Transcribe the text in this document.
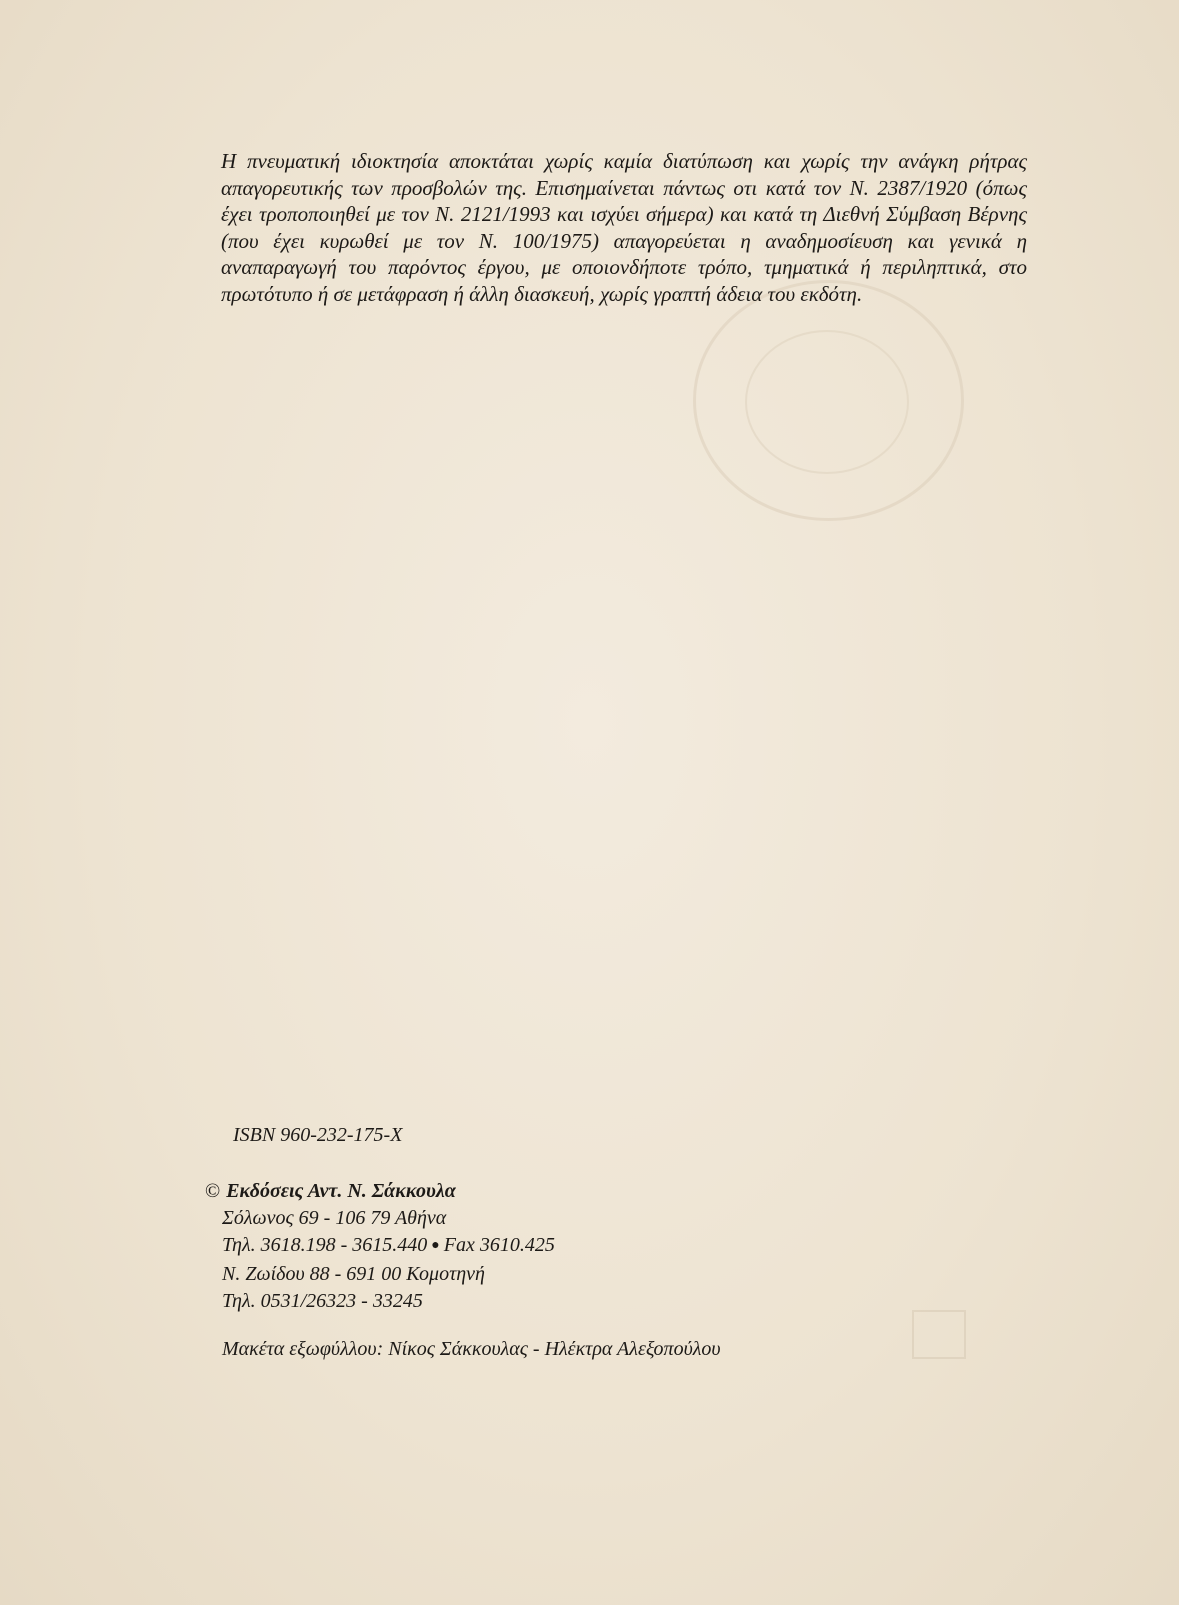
Η πνευματική ιδιοκτησία αποκτάται χωρίς καμία διατύπωση και χωρίς την ανάγκη ρήτρας απαγορευτικής των προσβολών της. Επισημαίνεται πάντως οτι κατά τον Ν. 2387/1920 (όπως έχει τροποποιηθεί με τον Ν. 2121/1993 και ισχύει σήμερα) και κατά τη Διεθνή Σύμβαση Βέρνης (που έχει κυρωθεί με τον Ν. 100/1975) απαγορεύεται η αναδημοσίευση και γενικά η αναπαραγωγή του παρόντος έργου, με οποιονδήποτε τρόπο, τμηματικά ή περιληπτικά, στο πρωτότυπο ή σε μετάφραση ή άλλη διασκευή, χωρίς γραπτή άδεια του εκδότη.

ISBN 960-232-175-X

© Εκδόσεις Αντ. Ν. Σάκκουλα
Σόλωνος 69 - 106 79 Αθήνα
Τηλ. 3618.198 - 3615.440 ● Fax 3610.425
Ν. Ζωίδου 88 - 691 00 Κομοτηνή
Τηλ. 0531/26323 - 33245

Μακέτα εξωφύλλου: Νίκος Σάκκουλας - Ηλέκτρα Αλεξοπούλου
